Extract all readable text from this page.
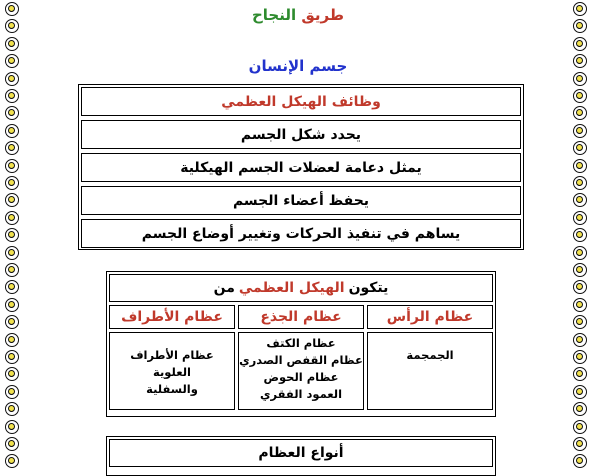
طريق النجاح
جسم الإنسان
وظائف الهيكل العظمي
يحدد شكل الجسم
يمثل دعامة لعضلات الجسم الهيكلية
يحفظ أعضاء الجسم
يساهم في تنفيذ الحركات وتغيير أوضاع الجسم
يتكون
الهيكل العظمي
من
عظام الرأس
عظام الجذع
عظام الأطراف
الجمجمة
عظام الكتف
عظام القفص الصدري
عظام الحوض
العمود الفقري
عظام الأطراف العلوية
والسفلية
أنواع العظام
